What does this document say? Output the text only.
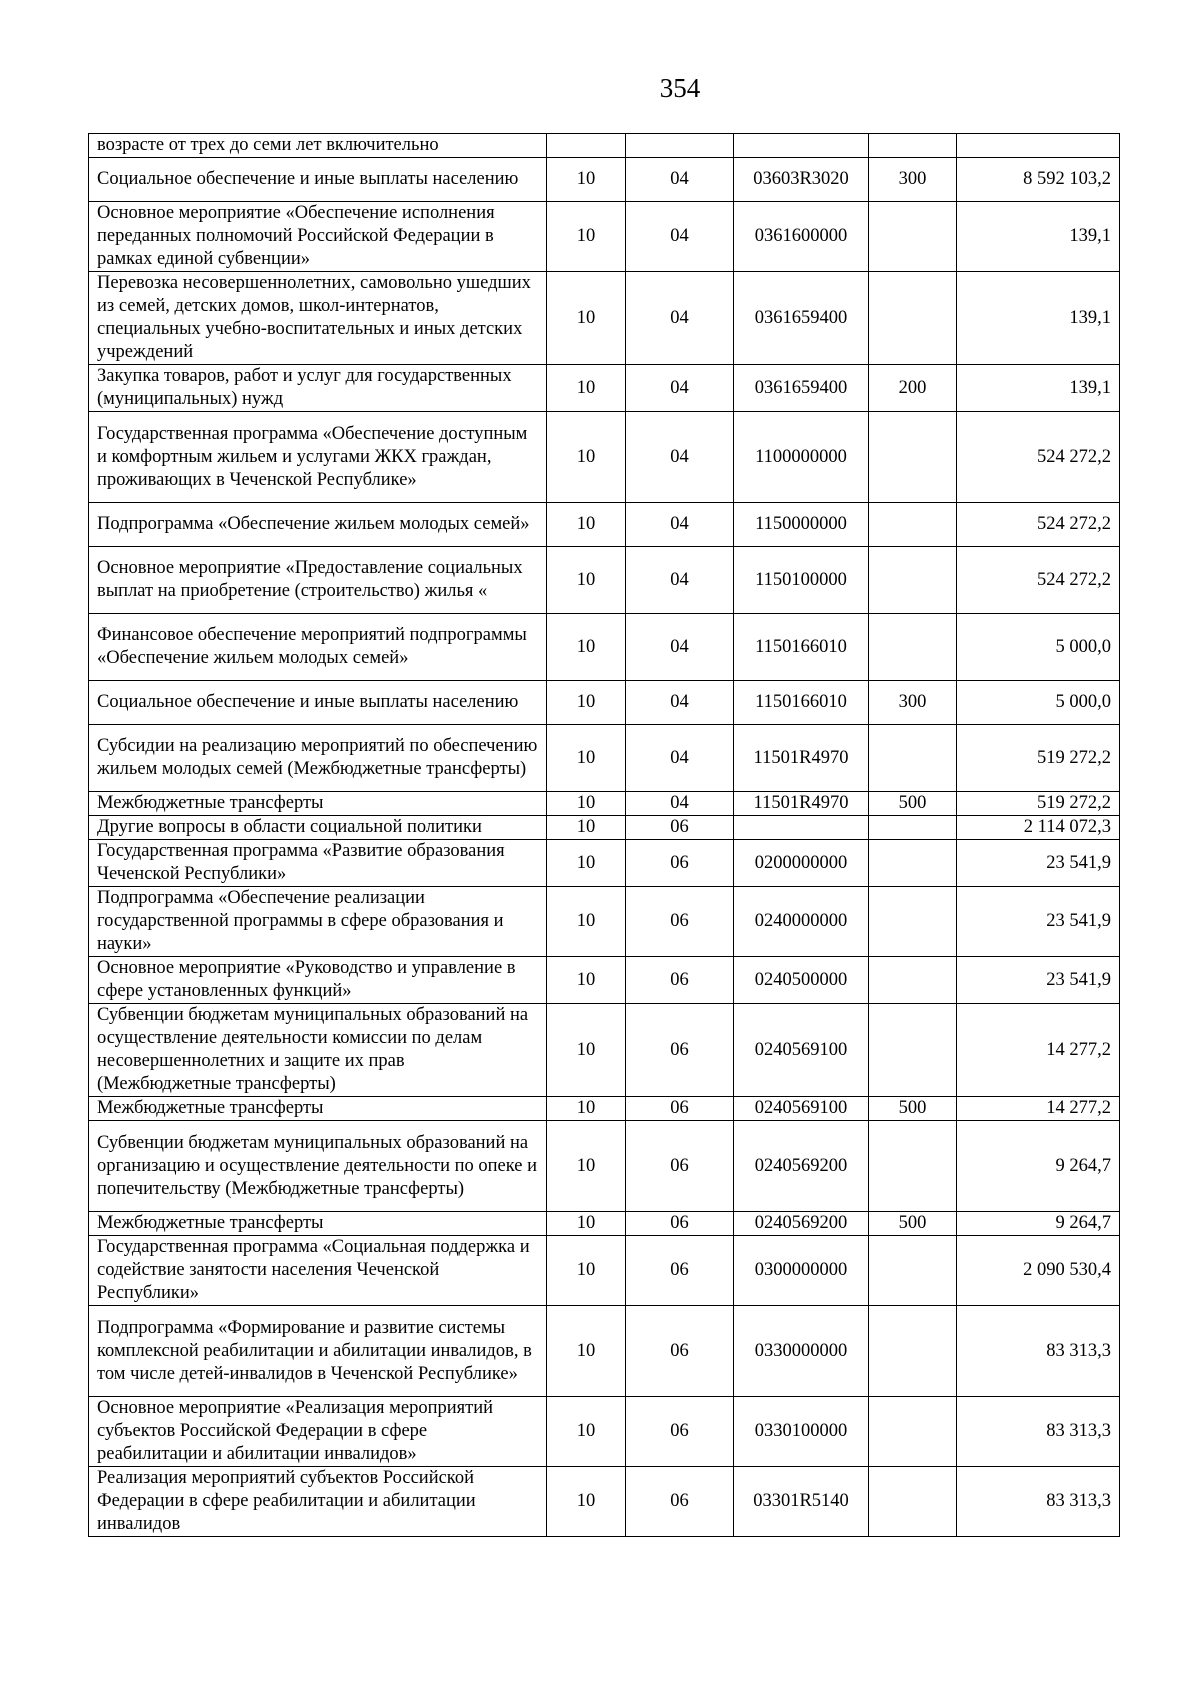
354
возрасте от трех до семи лет включительно					
Социальное обеспечение и иные выплаты населению	10	04	03603R3020	300	8 592 103,2
Основное мероприятие «Обеспечение исполнения переданных полномочий Российской Федерации в рамках единой субвенции»	10	04	0361600000		139,1
Перевозка несовершеннолетних, самовольно ушедших из семей, детских домов, школ-интернатов, специальных учебно-воспитательных и иных детских учреждений	10	04	0361659400		139,1
Закупка товаров, работ и услуг для государственных (муниципальных) нужд	10	04	0361659400	200	139,1
Государственная программа «Обеспечение доступным и комфортным жильем и услугами ЖКХ граждан, проживающих в Чеченской Республике»	10	04	1100000000		524 272,2
Подпрограмма «Обеспечение жильем молодых семей»	10	04	1150000000		524 272,2
Основное мероприятие «Предоставление социальных выплат на приобретение (строительство) жилья «	10	04	1150100000		524 272,2
Финансовое обеспечение мероприятий подпрограммы «Обеспечение жильем молодых семей»	10	04	1150166010		5 000,0
Социальное обеспечение и иные выплаты населению	10	04	1150166010	300	5 000,0
Субсидии на реализацию мероприятий по обеспечению жильем молодых семей (Межбюджетные трансферты)	10	04	11501R4970		519 272,2
Межбюджетные трансферты	10	04	11501R4970	500	519 272,2
Другие вопросы в области социальной политики	10	06			2 114 072,3
Государственная программа «Развитие образования Чеченской Республики»	10	06	0200000000		23 541,9
Подпрограмма «Обеспечение реализации государственной программы в сфере образования и науки»	10	06	0240000000		23 541,9
Основное мероприятие «Руководство и управление в сфере установленных функций»	10	06	0240500000		23 541,9
Субвенции бюджетам муниципальных образований на осуществление деятельности комиссии по делам несовершеннолетних и защите их прав (Межбюджетные трансферты)	10	06	0240569100		14 277,2
Межбюджетные трансферты	10	06	0240569100	500	14 277,2
Субвенции бюджетам муниципальных образований на организацию и осуществление деятельности по опеке и попечительству (Межбюджетные трансферты)	10	06	0240569200		9 264,7
Межбюджетные трансферты	10	06	0240569200	500	9 264,7
Государственная программа «Социальная поддержка и содействие занятости населения Чеченской Республики»	10	06	0300000000		2 090 530,4
Подпрограмма «Формирование и развитие системы комплексной реабилитации и абилитации инвалидов, в том числе детей-инвалидов в Чеченской Республике»	10	06	0330000000		83 313,3
Основное мероприятие «Реализация мероприятий субъектов Российской Федерации в сфере реабилитации и абилитации инвалидов»	10	06	0330100000		83 313,3
Реализация мероприятий субъектов Российской Федерации в сфере реабилитации и абилитации инвалидов	10	06	03301R5140		83 313,3
